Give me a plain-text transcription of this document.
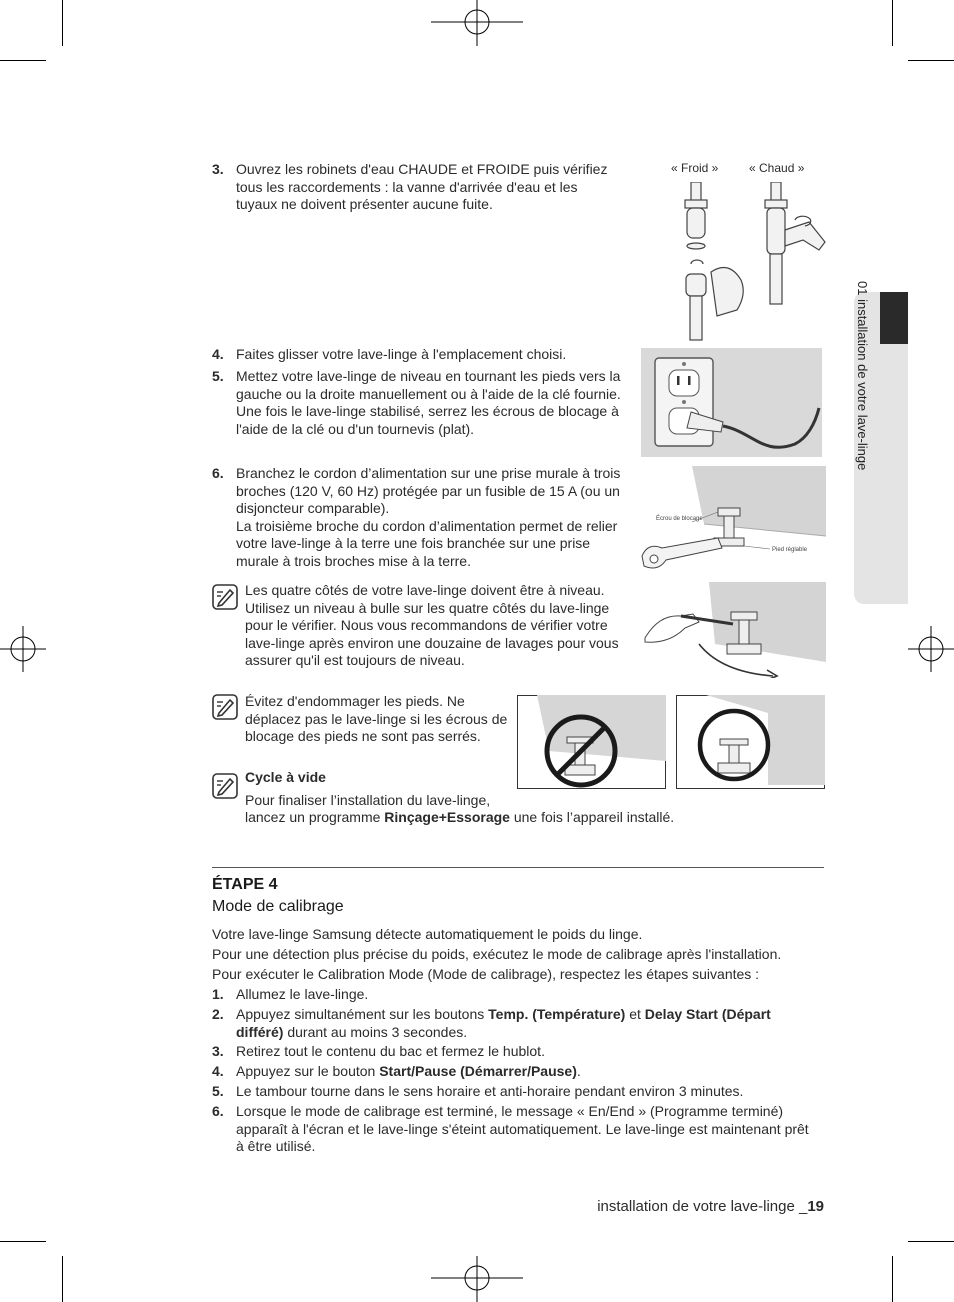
01 installation de votre lave-linge
3. Ouvrez les robinets d'eau CHAUDE et FROIDE puis vérifiez tous les raccordements : la vanne d'arrivée d'eau et les tuyaux ne doivent présenter aucune fuite.
« Froid »	« Chaud »
4. Faites glisser votre lave-linge à l'emplacement choisi.
5. Mettez votre lave-linge de niveau en tournant les pieds vers la gauche ou la droite manuellement ou à l'aide de la clé fournie. Une fois le lave-linge stabilisé, serrez les écrous de blocage à l'aide de la clé ou d'un tournevis (plat).
6. Branchez le cordon d’alimentation sur une prise murale à trois broches (120 V, 60 Hz) protégée par un fusible de 15 A (ou un disjoncteur comparable).
La troisième broche du cordon d’alimentation permet de relier votre lave-linge à la terre une fois branchée sur une prise murale à trois broches mise à la terre.
Écrou de blocage
Pied réglable
Les quatre côtés de votre lave-linge doivent être à niveau. Utilisez un niveau à bulle sur les quatre côtés du lave-linge pour le vérifier. Nous vous recommandons de vérifier votre lave-linge après environ une douzaine de lavages pour vous assurer qu'il est toujours de niveau.
Évitez d'endommager les pieds. Ne déplacez pas le lave-linge si les écrous de blocage des pieds ne sont pas serrés.
Cycle à vide
Pour finaliser l’installation du lave-linge,
lancez un programme Rinçage+Essorage une fois l’appareil installé.
ÉTAPE 4
Mode de calibrage
Votre lave-linge Samsung détecte automatiquement le poids du linge.
Pour une détection plus précise du poids, exécutez le mode de calibrage après l'installation.
Pour exécuter le Calibration Mode (Mode de calibrage), respectez les étapes suivantes :
1. Allumez le lave-linge.
2. Appuyez simultanément sur les boutons Temp. (Température) et Delay Start (Départ différé) durant au moins 3 secondes.
3. Retirez tout le contenu du bac et fermez le hublot.
4. Appuyez sur le bouton Start/Pause (Démarrer/Pause).
5. Le tambour tourne dans le sens horaire et anti-horaire pendant environ 3 minutes.
6. Lorsque le mode de calibrage est terminé, le message « En/End » (Programme terminé) apparaît à l'écran et le lave-linge s'éteint automatiquement. Le lave-linge est maintenant prêt à être utilisé.
installation de votre lave-linge _19
